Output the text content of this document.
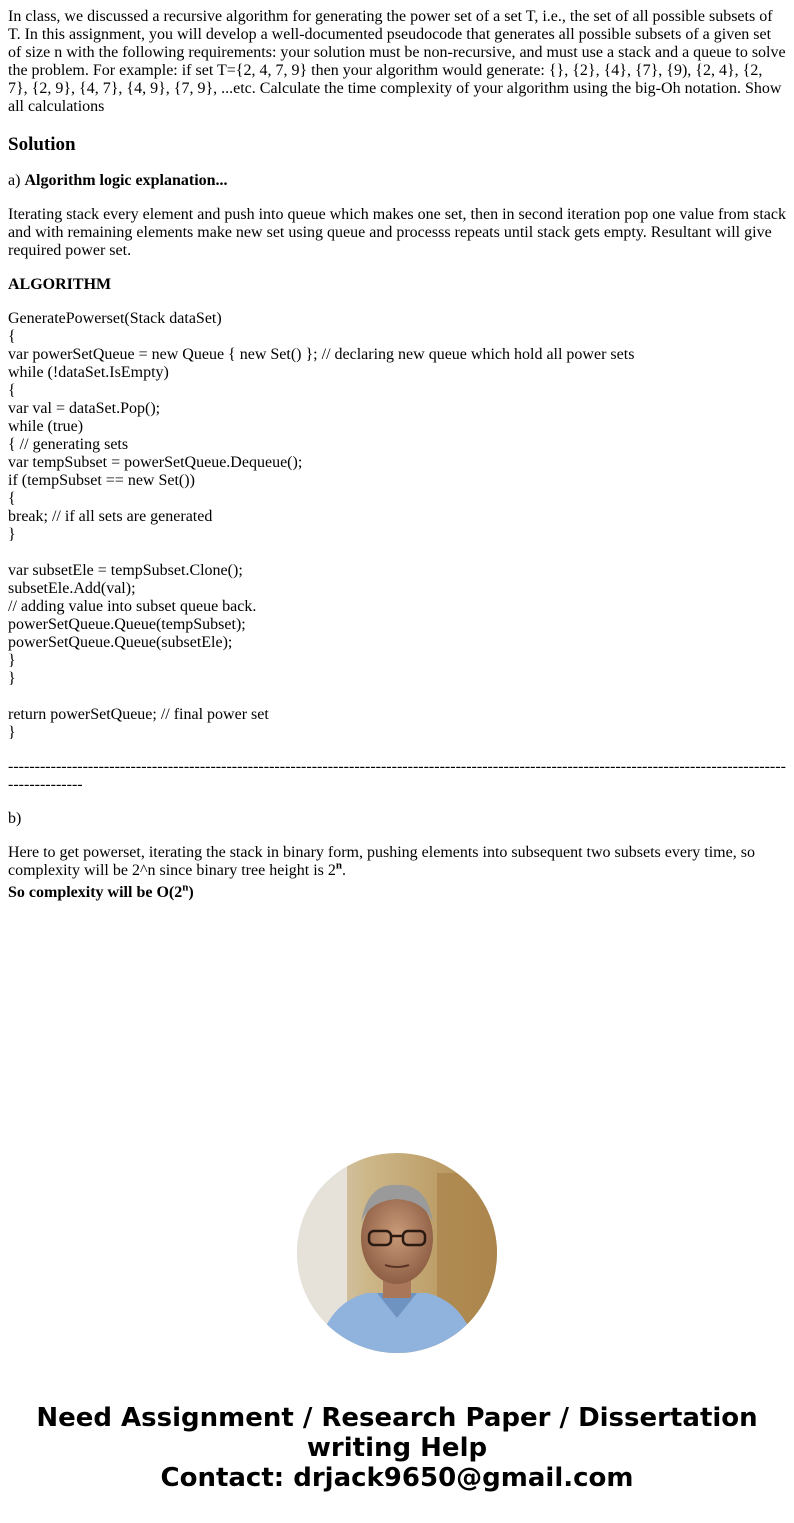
In class, we discussed a recursive algorithm for generating the power set of a set T, i.e., the set of all possible subsets of T. In this assignment, you will develop a well-documented pseudocode that generates all possible subsets of a given set of size n with the following requirements: your solution must be non-recursive, and must use a stack and a queue to solve the problem. For example: if set T={2, 4, 7, 9} then your algorithm would generate: {}, {2}, {4}, {7}, {9), {2, 4}, {2, 7}, {2, 9}, {4, 7}, {4, 9}, {7, 9}, ...etc. Calculate the time complexity of your algorithm using the big-Oh notation. Show all calculations

Solution

a) Algorithm logic explanation...

Iterating stack every element and push into queue which makes one set, then in second iteration pop one value from stack and with remaining elements make new set using queue and processs repeats until stack gets empty. Resultant will give required power set.

ALGORITHM

GeneratePowerset(Stack dataSet)
{
var powerSetQueue = new Queue { new Set() }; // declaring new queue which hold all power sets
while (!dataSet.IsEmpty)
{
var val = dataSet.Pop();
while (true)
{ // generating sets
var tempSubset = powerSetQueue.Dequeue();
if (tempSubset == new Set())
{
break; // if all sets are generated
}
var subsetEle = tempSubset.Clone();
subsetEle.Add(val);
// adding value into subset queue back.
powerSetQueue.Queue(tempSubset);
powerSetQueue.Queue(subsetEle);
}
}
return powerSetQueue; // final power set
}
----------------------------------------------------------------------------------------------------------------------------------------------------------------

b)

Here to get powerset, iterating the stack in binary form, pushing elements into subsequent two subsets every time, so complexity will be 2^n since binary tree height is 2$^n$.
So complexity will be O(2$^n$)
Need Assignment / Research Paper / Dissertation
writing Help
Contact: drjack9650@gmail.com
